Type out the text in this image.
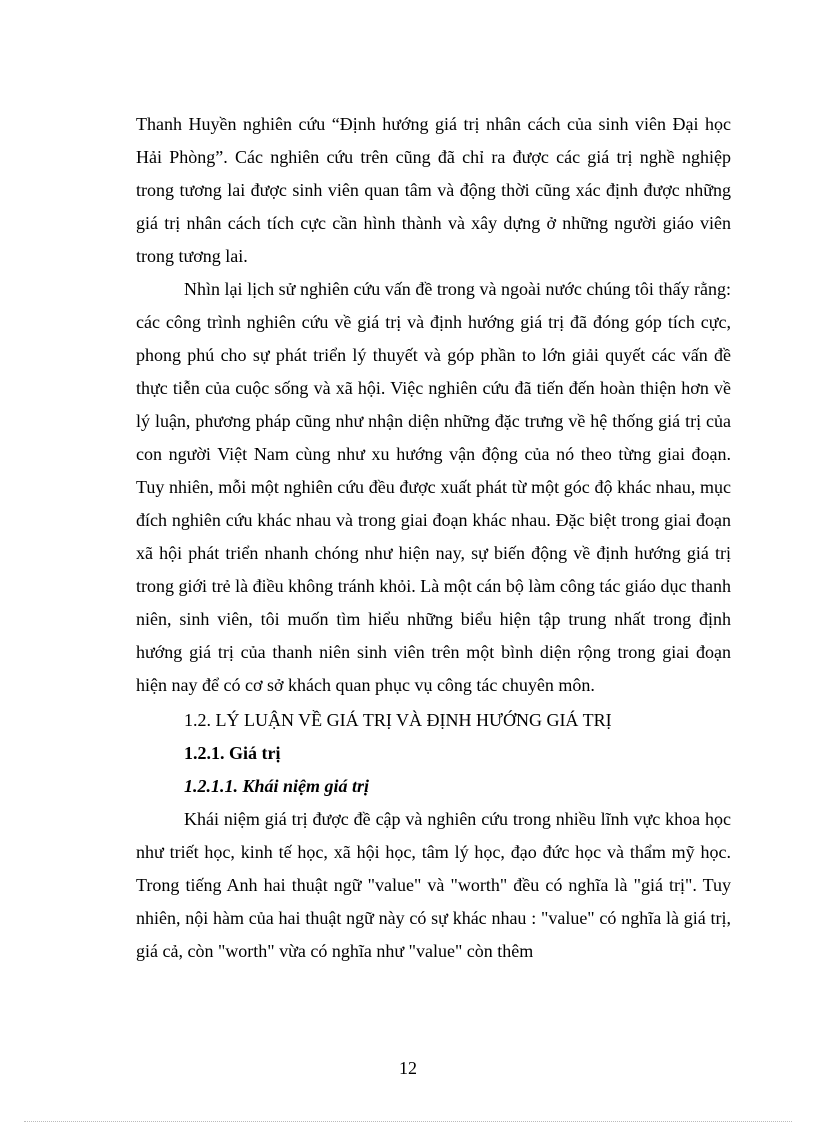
Thanh Huyền nghiên cứu “Định hướng giá trị nhân cách của sinh viên Đại học Hải Phòng”. Các nghiên cứu trên cũng đã chỉ ra được các giá trị nghề nghiệp trong tương lai được sinh viên quan tâm và động thời cũng xác định được những giá trị nhân cách tích cực cần hình thành và xây dựng ở những người giáo viên trong tương lai.

Nhìn lại lịch sử nghiên cứu vấn đề trong và ngoài nước chúng tôi thấy rằng: các công trình nghiên cứu về giá trị và định hướng giá trị đã đóng góp tích cực, phong phú cho sự phát triển lý thuyết và góp phần to lớn giải quyết các vấn đề thực tiễn của cuộc sống và xã hội. Việc nghiên cứu đã tiến đến hoàn thiện hơn về lý luận, phương pháp cũng như nhận diện những đặc trưng về hệ thống giá trị của con người Việt Nam cùng như xu hướng vận động của nó theo từng giai đoạn. Tuy nhiên, mỗi một nghiên cứu đều được xuất phát từ một góc độ khác nhau, mục đích nghiên cứu khác nhau và trong giai đoạn khác nhau. Đặc biệt trong giai đoạn xã hội phát triển nhanh chóng như hiện nay, sự biến động về định hướng giá trị trong giới trẻ là điều không tránh khỏi. Là một cán bộ làm công tác giáo dục thanh niên, sinh viên, tôi muốn tìm hiểu những biểu hiện tập trung nhất trong định hướng giá trị của thanh niên sinh viên trên một bình diện rộng trong giai đoạn hiện nay để có cơ sở khách quan phục vụ công tác chuyên môn.

1.2. LÝ LUẬN VỀ GIÁ TRỊ VÀ ĐỊNH HƯỚNG GIÁ TRỊ
1.2.1. Giá trị
1.2.1.1. Khái niệm giá trị

Khái niệm giá trị được đề cập và nghiên cứu trong nhiều lĩnh vực khoa học như triết học, kinh tế học, xã hội học, tâm lý học, đạo đức học và thẩm mỹ học. Trong tiếng Anh hai thuật ngữ "value" và "worth" đều có nghĩa là "giá trị". Tuy nhiên, nội hàm của hai thuật ngữ này có sự khác nhau : "value" có nghĩa là giá trị, giá cả, còn "worth" vừa có nghĩa như "value" còn thêm

12
